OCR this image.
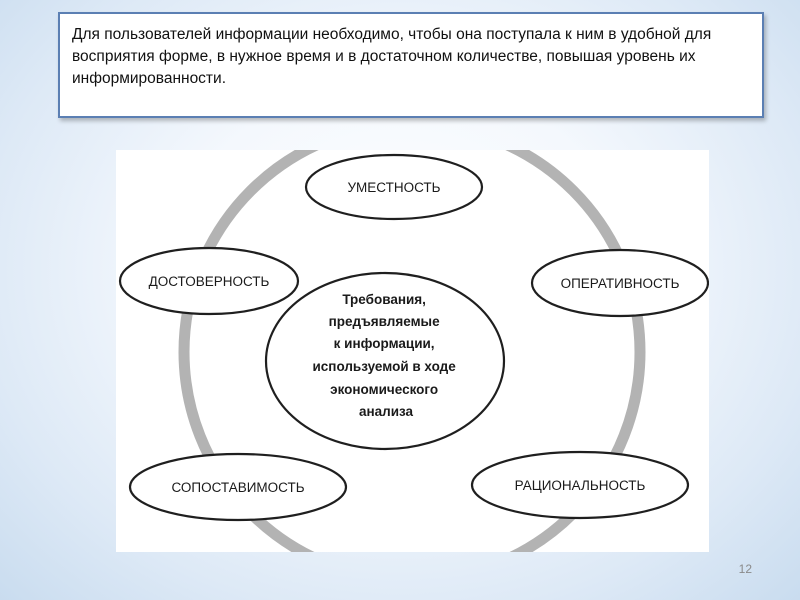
Для пользователей информации необходимо, чтобы она поступала к ним в удобной для восприятия форме, в нужное время и в достаточном количестве, повышая уровень их информированности.

Требования, предъявляемые к информации, используемой в ходе экономического анализа
УМЕСТНОСТЬ
ДОСТОВЕРНОСТЬ	ОПЕРАТИВНОСТЬ
СОПОСТАВИМОСТЬ	РАЦИОНАЛЬНОСТЬ
12
